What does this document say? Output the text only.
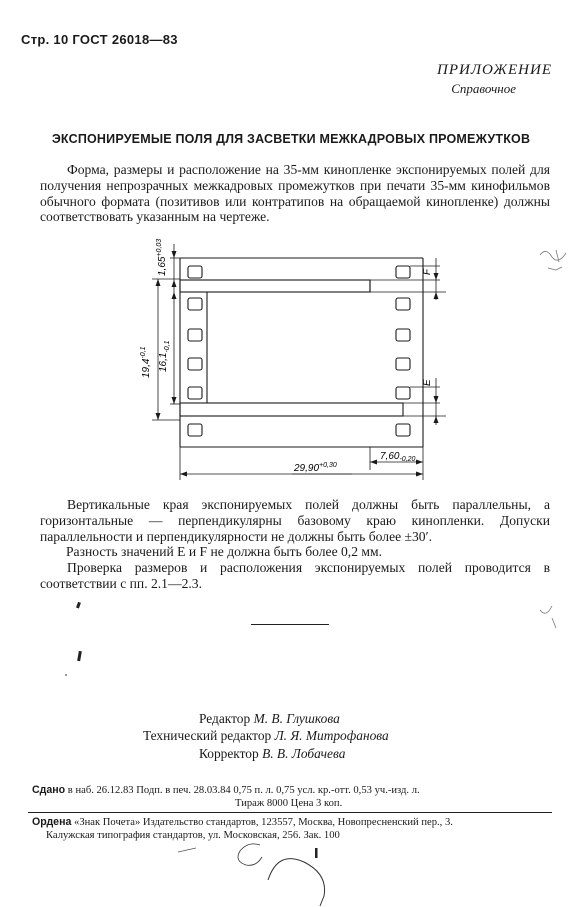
Стр. 10 ГОСТ 26018—83
ПРИЛОЖЕНИЕ
Справочное
ЭКСПОНИРУЕМЫЕ ПОЛЯ ДЛЯ ЗАСВЕТКИ МЕЖКАДРОВЫХ ПРОМЕЖУТКОВ
Форма, размеры и расположение на 35-мм кинопленке экспонируемых полей для получения непрозрачных межкадровых промежутков при печати 35-мм кинофильмов обычного формата (позитивов или контратипов на обращаемой кинопленке) должны соответствовать указанным на чертеже.
$1,65^{+0,03}$
$19,4^{-0,1}$
$16,1_{-0,1}$
F
E
$29,90^{+0,30}$
$7,60_{-0,20}$
Вертикальные края экспонируемых полей должны быть параллельны, а горизонтальные — перпендикулярны базовому краю кинопленки. Допуски параллельности и перпендикулярности не должны быть более ±30′.
Разность значений E и F не должна быть более 0,2 мм.
Проверка размеров и расположения экспонируемых полей проводится в соответствии с пп. 2.1—2.3.
Редактор М. В. Глушкова
Технический редактор Л. Я. Митрофанова
Корректор В. В. Лобачева
Сдано в наб. 26.12.83 Подп. в печ. 28.03.84 0,75 п. л. 0,75 усл. кр.-отт. 0,53 уч.-изд. л.
Тираж 8000 Цена 3 коп.
Ордена «Знак Почета» Издательство стандартов, 123557, Москва, Новопресненский пер., 3.
Калужская типография стандартов, ул. Московская, 256. Зак. 100
